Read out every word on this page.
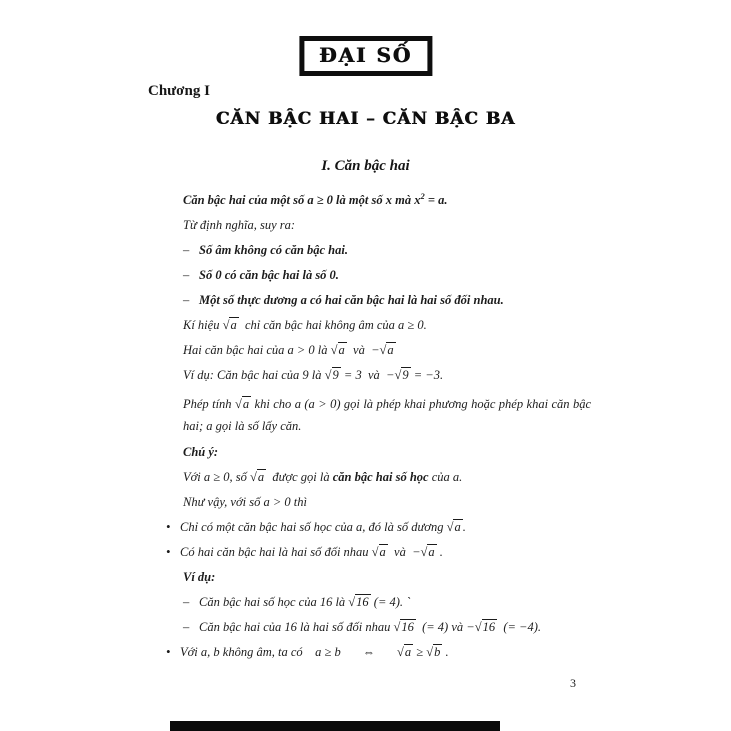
ĐẠI SỐ
Chương I
CĂN BẬC HAI – CĂN BẬC BA
I. Căn bậc hai
Căn bậc hai của một số a ≥ 0 là một số x mà $x^2 = a$.
Từ định nghĩa, suy ra:
– Số âm không có căn bậc hai.
– Số 0 có căn bậc hai là số 0.
– Một số thực dương a có hai căn bậc hai là hai số đối nhau.
Kí hiệu √a  chỉ căn bậc hai không âm của a ≥ 0.
Hai căn bậc hai của a > 0 là √a  và  −√a
Ví dụ: Căn bậc hai của 9 là √9 = 3  và  −√9 = −3.
Phép tính √a khi cho a (a > 0) gọi là phép khai phương hoặc phép khai căn bậc hai; a gọi là số lấy căn.
Chú ý:
Với a ≥ 0, số √a  được gọi là căn bậc hai số học của a.
Như vậy, với số a > 0 thì
• Chỉ có một căn bậc hai số học của a, đó là số dương √a .
• Có hai căn bậc hai là hai số đối nhau √a  và  −√a .
Ví dụ:
– Căn bậc hai số học của 16 là √16 (= 4). `
– Căn bậc hai của 16 là hai số đối nhau √16  (= 4) và −√16  (= −4).
• Với a, b không âm, ta có    a ≥ b       ⇔       √a ≥ √b .
3
